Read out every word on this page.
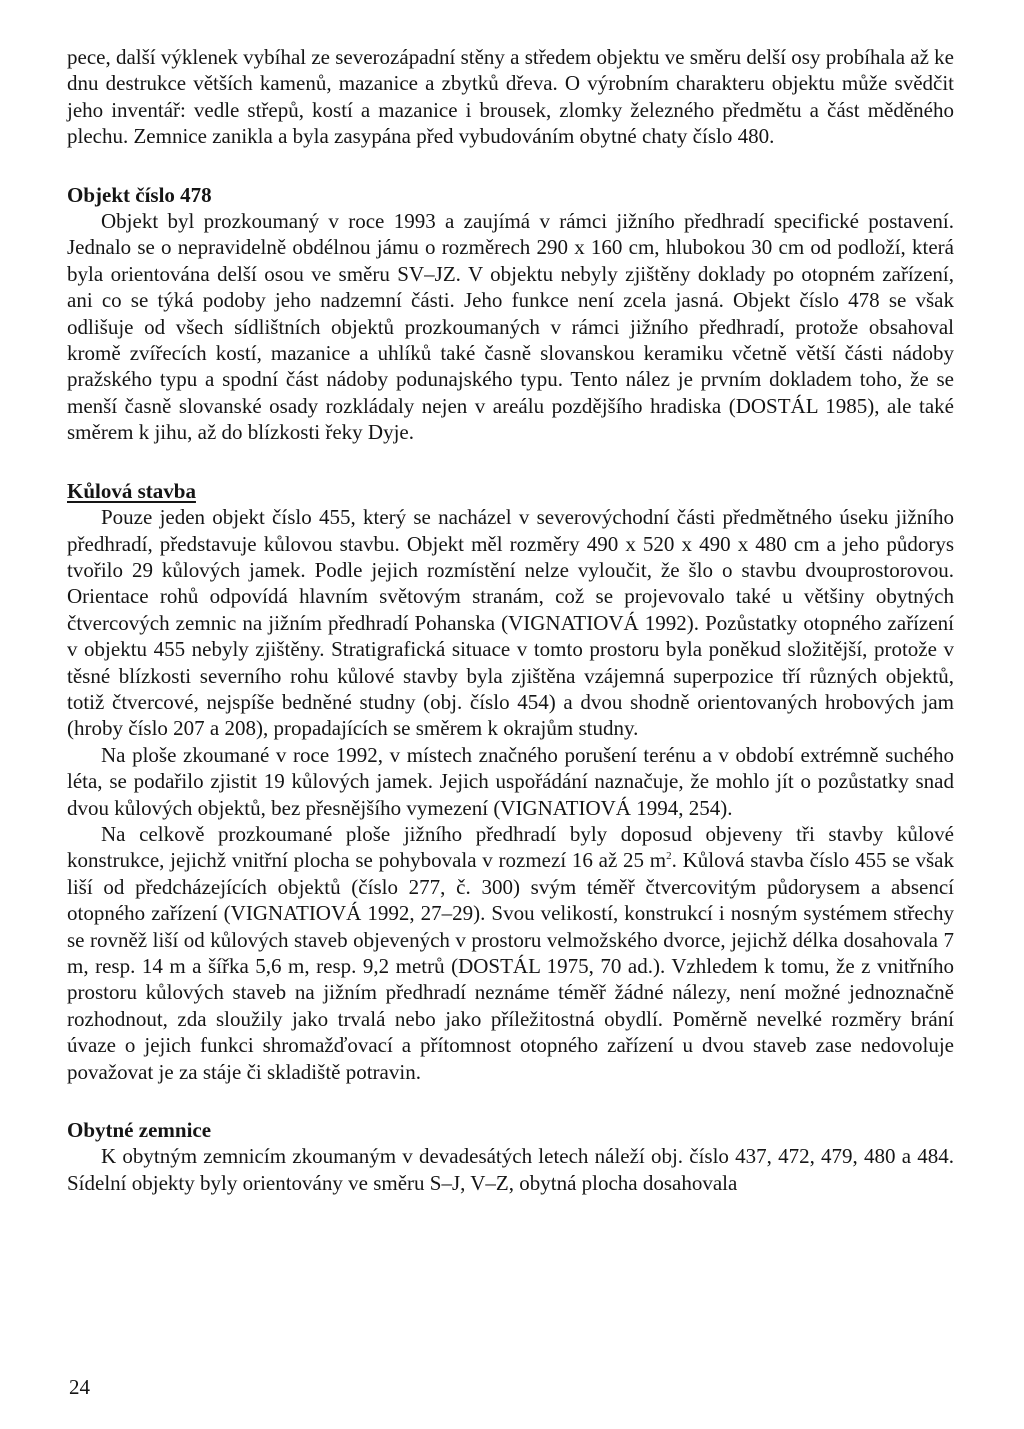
pece, další výklenek vybíhal ze severozápadní stěny a středem objektu ve směru delší osy probíhala až ke dnu destrukce větších kamenů, mazanice a zbytků dřeva. O výrobním charakteru objektu může svědčit jeho inventář: vedle střepů, kostí a mazanice i brousek, zlomky železného předmětu a část měděného plechu. Zemnice zanikla a byla zasypána před vybudováním obytné chaty číslo 480.

Objekt číslo 478

Objekt byl prozkoumaný v roce 1993 a zaujímá v rámci jižního předhradí specifické postavení. Jednalo se o nepravidelně obdélnou jámu o rozměrech 290 x 160 cm, hlubokou 30 cm od podloží, která byla orientována delší osou ve směru SV–JZ. V objektu nebyly zjištěny doklady po otopném zařízení, ani co se týká podoby jeho nadzemní části. Jeho funkce není zcela jasná. Objekt číslo 478 se však odlišuje od všech sídlištních objektů prozkoumaných v rámci jižního předhradí, protože obsahoval kromě zvířecích kostí, mazanice a uhlíků také časně slovanskou keramiku včetně větší části nádoby pražského typu a spodní část nádoby podunajského typu. Tento nález je prvním dokladem toho, že se menší časně slovanské osady rozkládaly nejen v areálu pozdějšího hradiska (DOSTÁL 1985), ale také směrem k jihu, až do blízkosti řeky Dyje.

Kůlová stavba

Pouze jeden objekt číslo 455, který se nacházel v severovýchodní části předmětného úseku jižního předhradí, představuje kůlovou stavbu. Objekt měl rozměry 490 x 520 x 490 x 480 cm a jeho půdorys tvořilo 29 kůlových jamek. Podle jejich rozmístění nelze vyloučit, že šlo o stavbu dvouprostorovou. Orientace rohů odpovídá hlavním světovým stranám, což se projevovalo také u většiny obytných čtvercových zemnic na jižním předhradí Pohanska (VIGNATIOVÁ 1992). Pozůstatky otopného zařízení v objektu 455 nebyly zjištěny. Stratigrafická situace v tomto prostoru byla poněkud složitější, protože v těsné blízkosti severního rohu kůlové stavby byla zjištěna vzájemná superpozice tří různých objektů, totiž čtvercové, nejspíše bedněné studny (obj. číslo 454) a dvou shodně orientovaných hrobových jam (hroby číslo 207 a 208), propadajících se směrem k okrajům studny.

Na ploše zkoumané v roce 1992, v místech značného porušení terénu a v období extrémně suchého léta, se podařilo zjistit 19 kůlových jamek. Jejich uspořádání naznačuje, že mohlo jít o pozůstatky snad dvou kůlových objektů, bez přesnějšího vymezení (VIGNATIOVÁ 1994, 254).

Na celkově prozkoumané ploše jižního předhradí byly doposud objeveny tři stavby kůlové konstrukce, jejichž vnitřní plocha se pohybovala v rozmezí 16 až 25 $m^2$. Kůlová stavba číslo 455 se však liší od předcházejících objektů (číslo 277, č. 300) svým téměř čtvercovitým půdorysem a absencí otopného zařízení (VIGNATIOVÁ 1992, 27–29). Svou velikostí, konstrukcí i nosným systémem střechy se rovněž liší od kůlových staveb objevených v prostoru velmožského dvorce, jejichž délka dosahovala 7 m, resp. 14 m a šířka 5,6 m, resp. 9,2 metrů (DOSTÁL 1975, 70 ad.). Vzhledem k tomu, že z vnitřního prostoru kůlových staveb na jižním předhradí neznáme téměř žádné nálezy, není možné jednoznačně rozhodnout, zda sloužily jako trvalá nebo jako příležitostná obydlí. Poměrně nevelké rozměry brání úvaze o jejich funkci shromažďovací a přítomnost otopného zařízení u dvou staveb zase nedovoluje považovat je za stáje či skladiště potravin.

Obytné zemnice

K obytným zemnicím zkoumaným v devadesátých letech náleží obj. číslo 437, 472, 479, 480 a 484. Sídelní objekty byly orientovány ve směru S–J, V–Z, obytná plocha dosahovala

24
